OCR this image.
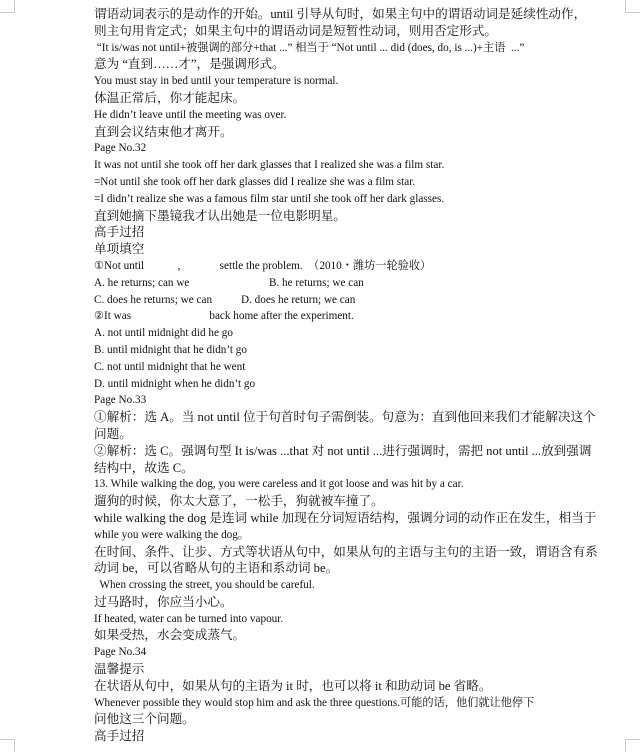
谓语动词表示的是动作的开始。until 引导从句时，如果主句中的谓语动词是延续性动作，
则主句用肯定式；如果主句中的谓语动词是短暂性动词，则用否定形式。
“It is/was not until+被强调的部分+that ...” 相当于 “Not until ... did (does, do, is ...)+主语  ...”
意为 “直到……才”，是强调形式。
You must stay in bed until your temperature is normal.
体温正常后，你才能起床。
He didn’t leave until the meeting was over.
直到会议结束他才离开。
Page No.32
It was not until she took off her dark glasses that I realized she was a film star.
=Not until she took off her dark glasses did I realize she was a film star.
=I didn’t realize she was a famous film star until she took off her dark glasses.
直到她摘下墨镜我才认出她是一位电影明星。
高手过招
单项填空
①Not until            ,              settle the problem.  （2010・潍坊一轮验收）
A. he returns; can we	B. he returns; we can
C. does he returns; we can	D. does he return; we can
②It was                            back home after the experiment.
A. not until midnight did he go
B. until midnight that he didn’t go
C. not until midnight that he went
D. until midnight when he didn’t go
Page No.33
①解析：选 A。当 not until 位于句首时句子需倒装。句意为：直到他回来我们才能解决这个
问题。
②解析：选 C。强调句型 It is/was ...that 对 not until ...进行强调时，需把 not until ...放到强调
结构中，故选 C。
13. While walking the dog, you were careless and it got loose and was hit by a car.
遛狗的时候，你太大意了，一松手，狗就被车撞了。
while walking the dog 是连词 while 加现在分词短语结构，强调分词的动作正在发生，相当于
while you were walking the dog。
在时间、条件、让步、方式等状语从句中，如果从句的主语与主句的主语一致，谓语含有系
动词 be，可以省略从句的主语和系动词 be。
When crossing the street, you should be careful.
过马路时，你应当小心。
If heated, water can be turned into vapour.
如果受热，水会变成蒸气。
Page No.34
温馨提示
在状语从句中，如果从句的主语为 it 时，也可以将 it 和助动词 be 省略。
Whenever possible they would stop him and ask the three questions.可能的话，他们就让他停下
问他这三个问题。
高手过招
